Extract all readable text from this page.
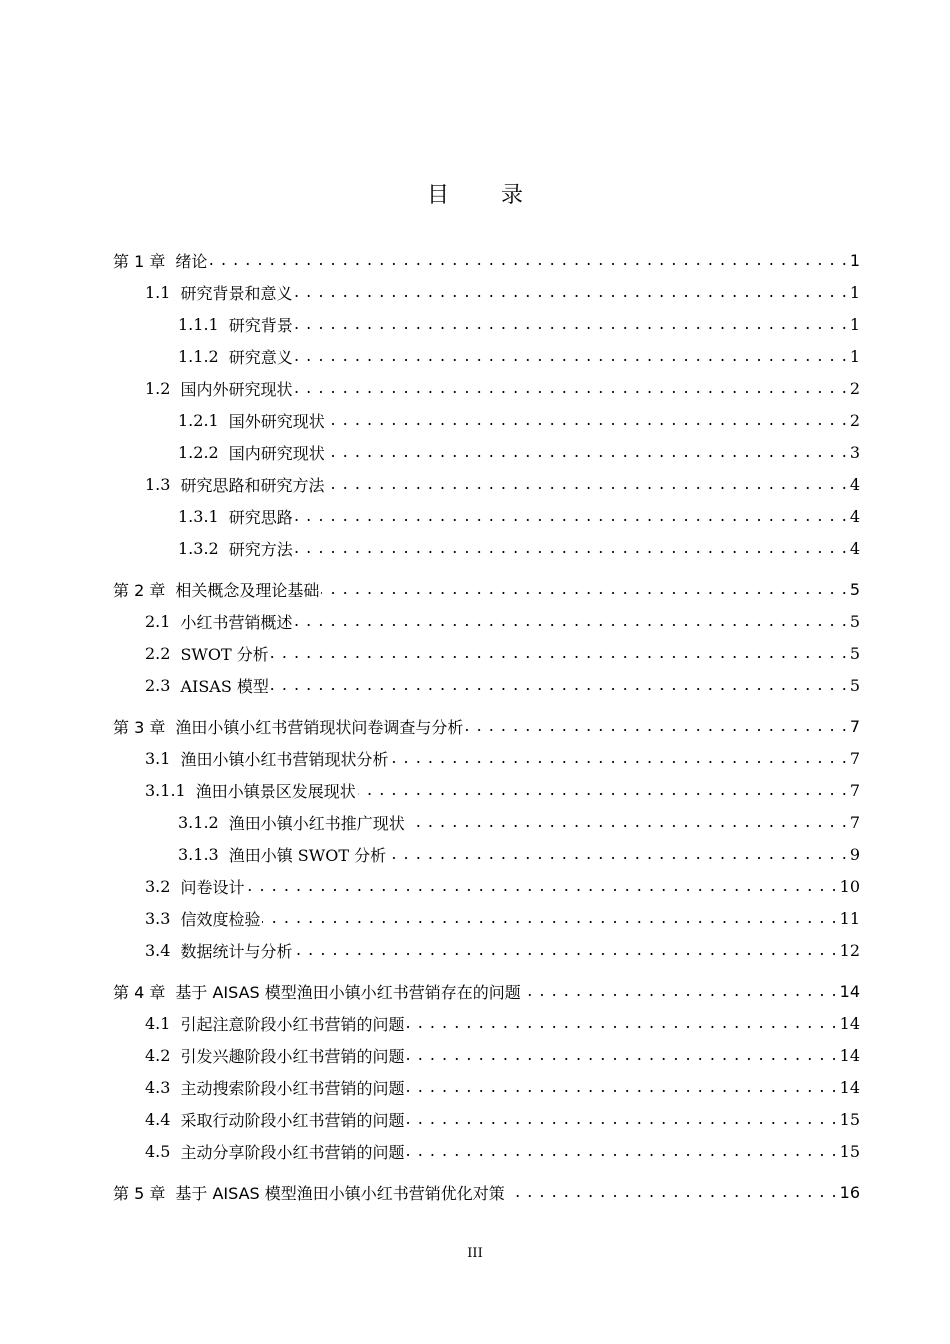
目 录
第 1 章 绪论 . . .	1
1.1 研究背景和意义 . . .	1
1.1.1 研究背景 . . .	1
1.1.2 研究意义 . . .	1
1.2 国内外研究现状 . . .	2
1.2.1 国外研究现状 . . .	2
1.2.2 国内研究现状 . . .	3
1.3 研究思路和研究方法 . . .	4
1.3.1 研究思路 . . .	4
1.3.2 研究方法 . . .	4
第 2 章 相关概念及理论基础 . . .	5
2.1 小红书营销概述 . . .	5
2.2 SWOT 分析 . . .	5
2.3 AISAS 模型 . . .	5
第 3 章 渔田小镇小红书营销现状问卷调查与分析 . . .	7
3.1 渔田小镇小红书营销现状分析 . . .	7
3.1.1 渔田小镇景区发展现状 . . .	7
3.1.2 渔田小镇小红书推广现状 . . .	7
3.1.3 渔田小镇 SWOT 分析 . . .	9
3.2 问卷设计 . . .	10
3.3 信效度检验 . . .	11
3.4 数据统计与分析 . . .	12
第 4 章 基于 AISAS 模型渔田小镇小红书营销存在的问题 . . .	14
4.1 引起注意阶段小红书营销的问题 . . .	14
4.2 引发兴趣阶段小红书营销的问题 . . .	14
4.3 主动搜索阶段小红书营销的问题 . . .	14
4.4 采取行动阶段小红书营销的问题 . . .	15
4.5 主动分享阶段小红书营销的问题 . . .	15
第 5 章 基于 AISAS 模型渔田小镇小红书营销优化对策 . . .	16
III
